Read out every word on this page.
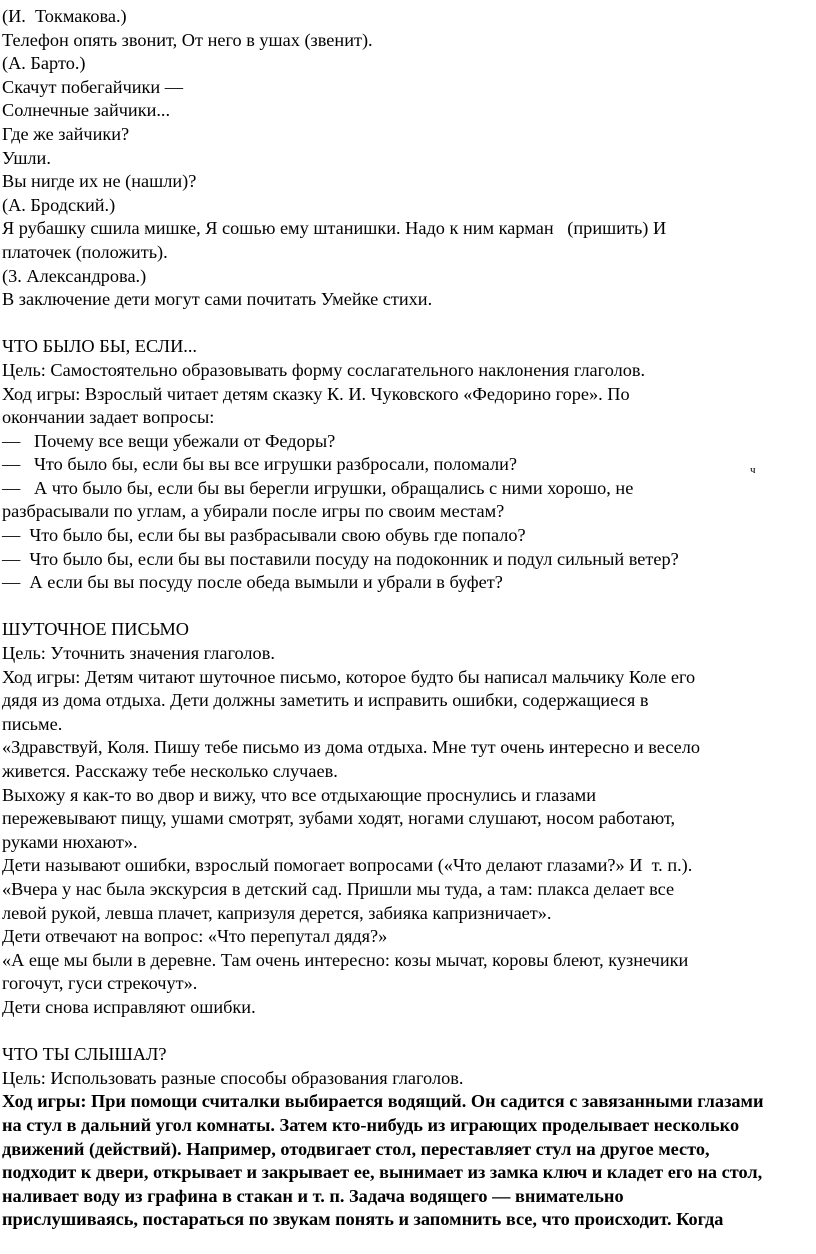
(И.  Токмакова.)
Телефон опять звонит, От него в ушах (звенит).
(А. Барто.)
Скачут побегайчики —
Солнечные зайчики...
Где же зайчики?
Ушли.
Вы нигде их не (нашли)?
(А. Бродский.)
Я рубашку сшила мишке, Я сошью ему штанишки. Надо к ним карман   (пришить) И
платочек (положить).
(3. Александрова.)
В заключение дети могут сами почитать Умейке стихи.
ЧТО БЫЛО БЫ, ЕСЛИ...
Цель: Самостоятельно образовывать форму сослагательного наклонения глаголов.
Ход игры: Взрослый читает детям сказку К. И. Чуковского «Федорино горе». По
окончании задает вопросы:
—   Почему все вещи убежали от Федоры?
—   Что было бы, если бы вы все игрушки разбросали, поломали?
—   А что было бы, если бы вы берегли игрушки, обращались с ними хорошо, не
разбрасывали по углам, а убирали после игры по своим местам?
—  Что было бы, если бы вы разбрасывали свою обувь где попало?
—  Что было бы, если бы вы поставили посуду на подоконник и подул сильный ветер?
—  А если бы вы посуду после обеда вымыли и убрали в буфет?
ШУТОЧНОЕ ПИСЬМО
Цель: Уточнить значения глаголов.
Ход игры: Детям читают шуточное письмо, которое будто бы написал мальчику Коле его
дядя из дома отдыха. Дети должны заметить и исправить ошибки, содержащиеся в
письме.
«Здравствуй, Коля. Пишу тебе письмо из дома отдыха. Мне тут очень интересно и весело
живется. Расскажу тебе несколько случаев.
Выхожу я как-то во двор и вижу, что все отдыхающие проснулись и глазами
пережевывают пищу, ушами смотрят, зубами ходят, ногами слушают, носом работают,
руками нюхают».
Дети называют ошибки, взрослый помогает вопросами («Что делают глазами?» И  т. п.).
«Вчера у нас была экскурсия в детский сад. Пришли мы туда, а там: плакса делает все
левой рукой, левша плачет, капризуля дерется, забияка капризничает».
Дети отвечают на вопрос: «Что перепутал дядя?»
«А еще мы были в деревне. Там очень интересно: козы мычат, коровы блеют, кузнечики
гогочут, гуси стрекочут».
Дети снова исправляют ошибки.
ЧТО ТЫ СЛЫШАЛ?
Цель: Использовать разные способы образования глаголов.
Ход игры: При помощи считалки выбирается водящий. Он садится с завязанными глазами
на стул в дальний угол комнаты. Затем кто-нибудь из играющих проделывает несколько
движений (действий). Например, отодвигает стол, переставляет стул на другое место,
подходит к двери, открывает и закрывает ее, вынимает из замка ключ и кладет его на стол,
наливает воду из графина в стакан и т. п. Задача водящего — внимательно
прислушиваясь, постараться по звукам понять и запомнить все, что происходит. Когда
ч
